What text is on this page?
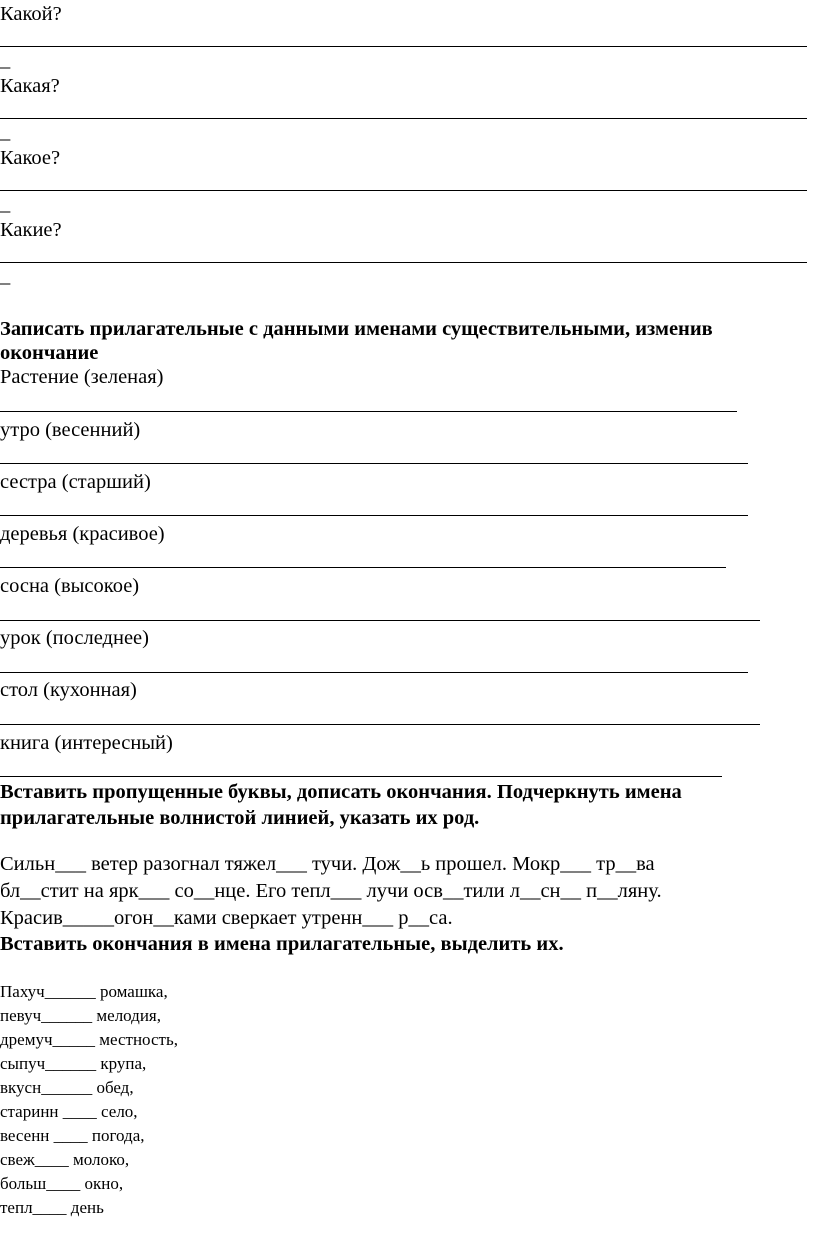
Какой?
_
Какая?
_
Какое?
_
Какие?
_
Записать прилагательные с данными именами существительными, изменив
окончание
Растение (зеленая)
утро (весенний)
сестра (старший)
деревья (красивое)
сосна (высокое)
урок (последнее)
стол (кухонная)
книга (интересный)
Вставить пропущенные буквы, дописать окончания. Подчеркнуть имена
прилагательные волнистой линией, указать их род.
Сильн___ ветер разогнал тяжел___ тучи. Дож__ь прошел. Мокр___ тр__ва
бл__стит на ярк___ со__нце. Его тепл___ лучи осв__тили л__сн__ п__ляну.
Красив_____огон__ками сверкает утренн___ р__са.
Вставить окончания в имена прилагательные, выделить их.
Пахуч______ ромашка,
певуч______ мелодия,
дремуч_____ местность,
сыпуч______ крупа,
вкусн______ обед,
старинн ____ село,
весенн ____ погода,
свеж____ молоко,
больш____ окно,
тепл____ день
